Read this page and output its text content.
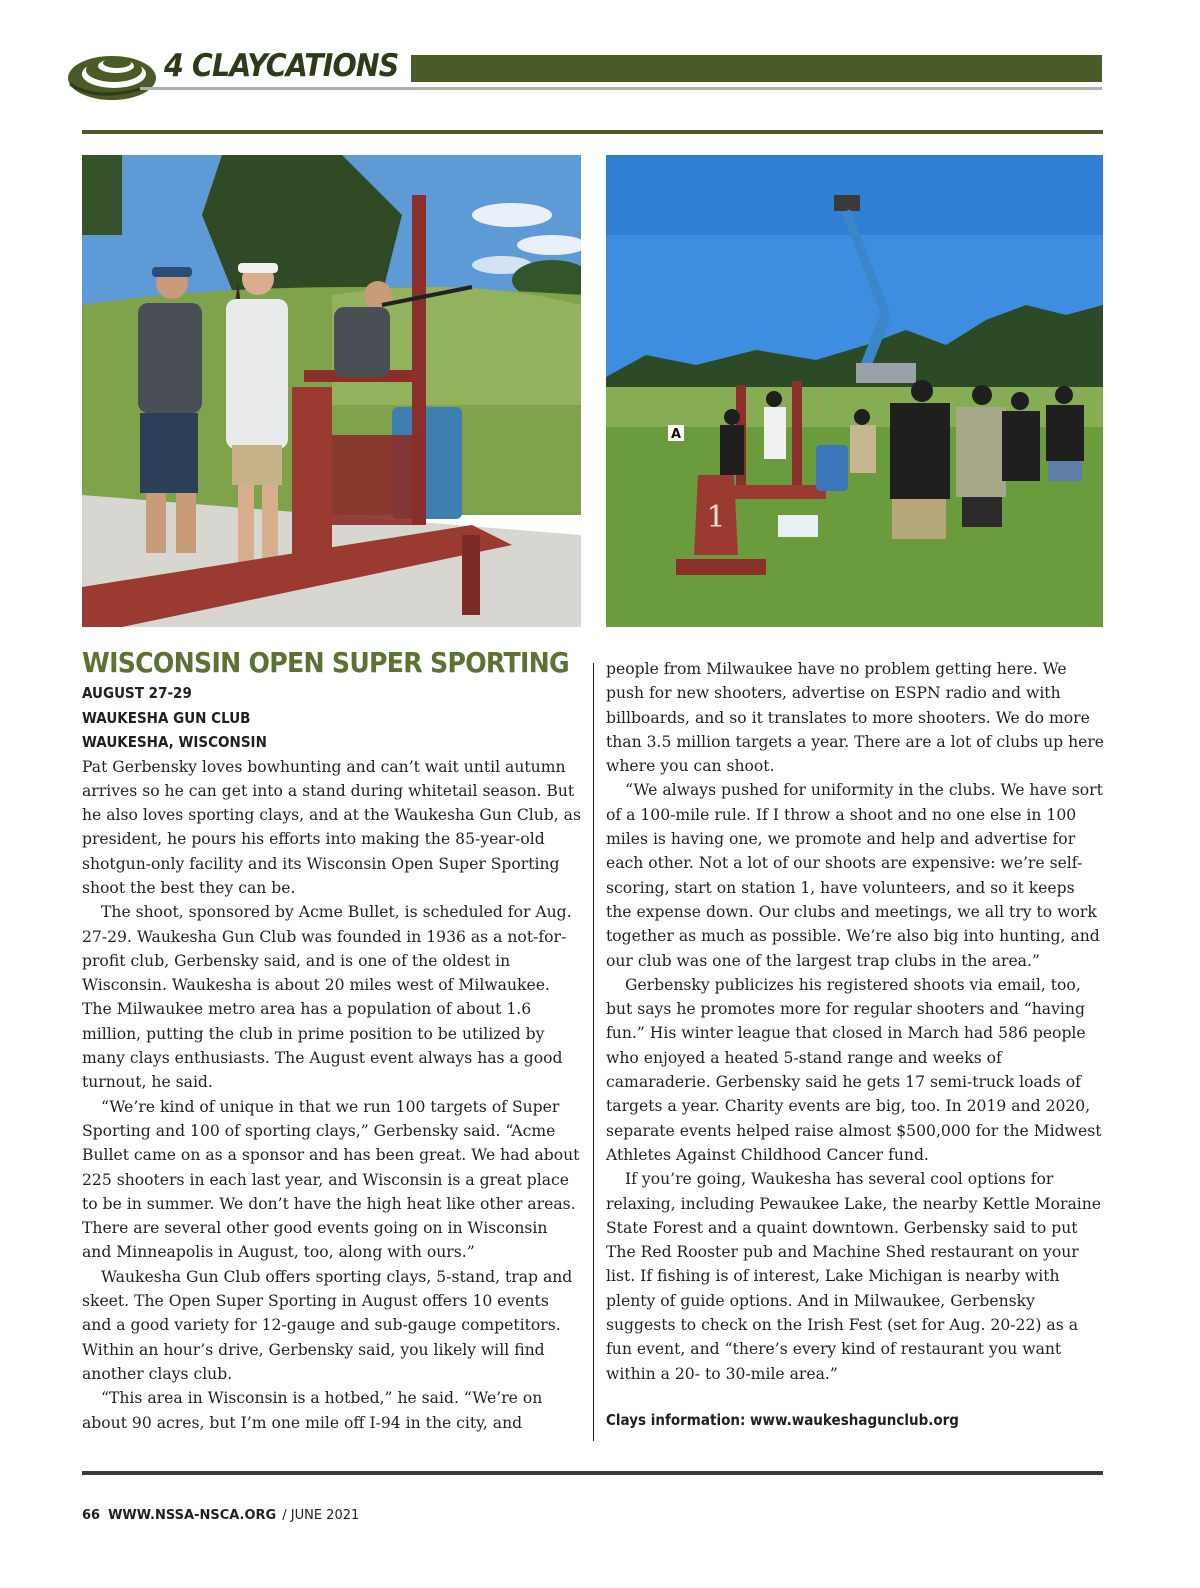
4 CLAYCATIONS
A
1
WISCONSIN OPEN SUPER SPORTING
AUGUST 27-29
WAUKESHA GUN CLUB
WAUKESHA, WISCONSIN

Pat Gerbensky loves bowhunting and can’t wait until autumn arrives so he can get into a stand during whitetail season. But he also loves sporting clays, and at the Waukesha Gun Club, as president, he pours his efforts into making the 85-year-old shotgun-only facility and its Wisconsin Open Super Sporting shoot the best they can be.

The shoot, sponsored by Acme Bullet, is scheduled for Aug. 27-29. Waukesha Gun Club was founded in 1936 as a not-for-profit club, Gerbensky said, and is one of the oldest in Wisconsin. Waukesha is about 20 miles west of Milwaukee. The Milwaukee metro area has a population of about 1.6 million, putting the club in prime position to be utilized by many clays enthusiasts. The August event always has a good turnout, he said.

“We’re kind of unique in that we run 100 targets of Super Sporting and 100 of sporting clays,” Gerbensky said. “Acme Bullet came on as a sponsor and has been great. We had about 225 shooters in each last year, and Wisconsin is a great place to be in summer. We don’t have the high heat like other areas. There are several other good events going on in Wisconsin and Minneapolis in August, too, along with ours.”

Waukesha Gun Club offers sporting clays, 5-stand, trap and skeet. The Open Super Sporting in August offers 10 events and a good variety for 12-gauge and sub-gauge competitors. Within an hour’s drive, Gerbensky said, you likely will find another clays club.

“This area in Wisconsin is a hotbed,” he said. “We’re on about 90 acres, but I’m one mile off I-94 in the city, and

people from Milwaukee have no problem getting here. We push for new shooters, advertise on ESPN radio and with billboards, and so it translates to more shooters. We do more than 3.5 million targets a year. There are a lot of clubs up here where you can shoot.

“We always pushed for uniformity in the clubs. We have sort of a 100-mile rule. If I throw a shoot and no one else in 100 miles is having one, we promote and help and advertise for each other. Not a lot of our shoots are expensive: we’re self-scoring, start on station 1, have volunteers, and so it keeps the expense down. Our clubs and meetings, we all try to work together as much as possible. We’re also big into hunting, and our club was one of the largest trap clubs in the area.”

Gerbensky publicizes his registered shoots via email, too, but says he promotes more for regular shooters and “having fun.” His winter league that closed in March had 586 people who enjoyed a heated 5-stand range and weeks of camaraderie. Gerbensky said he gets 17 semi-truck loads of targets a year. Charity events are big, too. In 2019 and 2020, separate events helped raise almost $500,000 for the Midwest Athletes Against Childhood Cancer fund.

If you’re going, Waukesha has several cool options for relaxing, including Pewaukee Lake, the nearby Kettle Moraine State Forest and a quaint downtown. Gerbensky said to put The Red Rooster pub and Machine Shed restaurant on your list. If fishing is of interest, Lake Michigan is nearby with plenty of guide options. And in Milwaukee, Gerbensky suggests to check on the Irish Fest (set for Aug. 20-22) as a fun event, and “there’s every kind of restaurant you want within a 20- to 30-mile area.”

Clays information: www.waukeshagunclub.org
66 WWW.NSSA-NSCA.ORG / JUNE 2021
